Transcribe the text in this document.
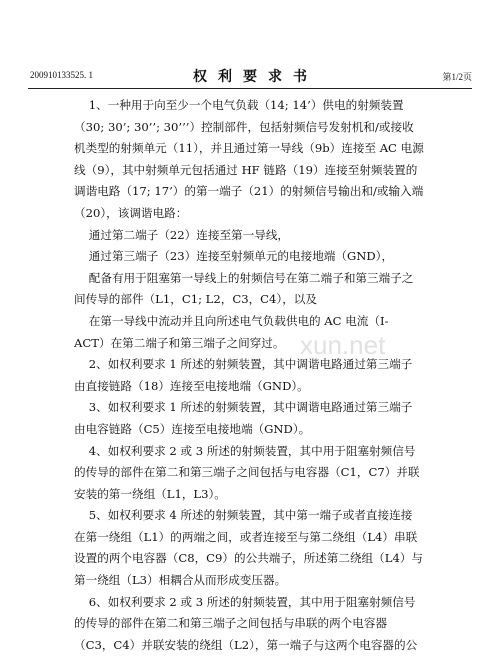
200910133525. 1	权利要求书	第1/2页
1、一种用于向至少一个电气负载（14; 14’）供电的射频装置
（30; 30’; 30’’; 30’’’）控制部件，包括射频信号发射机和/或接收
机类型的射频单元（11），并且通过第一导线（9b）连接至 AC 电源
线（9），其中射频单元包括通过 HF 链路（19）连接至射频装置的
调谐电路（17; 17’）的第一端子（21）的射频信号输出和/或输入端
（20），该调谐电路：
通过第二端子（22）连接至第一导线，
通过第三端子（23）连接至射频单元的电接地端（GND），
配备有用于阻塞第一导线上的射频信号在第二端子和第三端子之
间传导的部件（L1，C1; L2，C3，C4），以及
在第一导线中流动并且向所述电气负载供电的 AC 电流（I-
ACT）在第二端子和第三端子之间穿过。
2、如权利要求 1 所述的射频装置，其中调谐电路通过第三端子
由直接链路（18）连接至电接地端（GND）。
3、如权利要求 1 所述的射频装置，其中调谐电路通过第三端子
由电容链路（C5）连接至电接地端（GND）。
4、如权利要求 2 或 3 所述的射频装置，其中用于阻塞射频信号
的传导的部件在第二和第三端子之间包括与电容器（C1，C7）并联
安装的第一绕组（L1，L3）。
5、如权利要求 4 所述的射频装置，其中第一端子或者直接连接
在第一绕组（L1）的两端之间，或者连接至与第二绕组（L4）串联
设置的两个电容器（C8，C9）的公共端子，所述第二绕组（L4）与
第一绕组（L3）相耦合从而形成变压器。
6、如权利要求 2 或 3 所述的射频装置，其中用于阻塞射频信号
的传导的部件在第二和第三端子之间包括与串联的两个电容器
（C3，C4）并联安装的绕组（L2），第一端子与这两个电容器的公
xun.net
